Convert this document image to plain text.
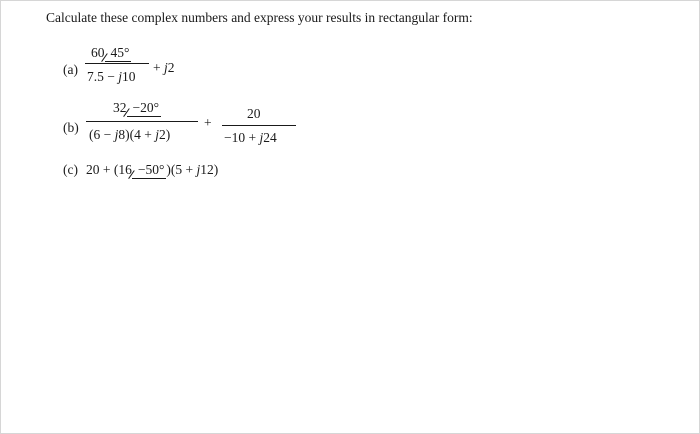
Calculate these complex numbers and express your results in rectangular form:
(a)
60 45°
7.5 − j10
+ j2
(b)
32 −20°
(6 − j8)(4 + j2)
+
20
−10 + j24
(c) 20 + (16 −50° )(5 + j12)
